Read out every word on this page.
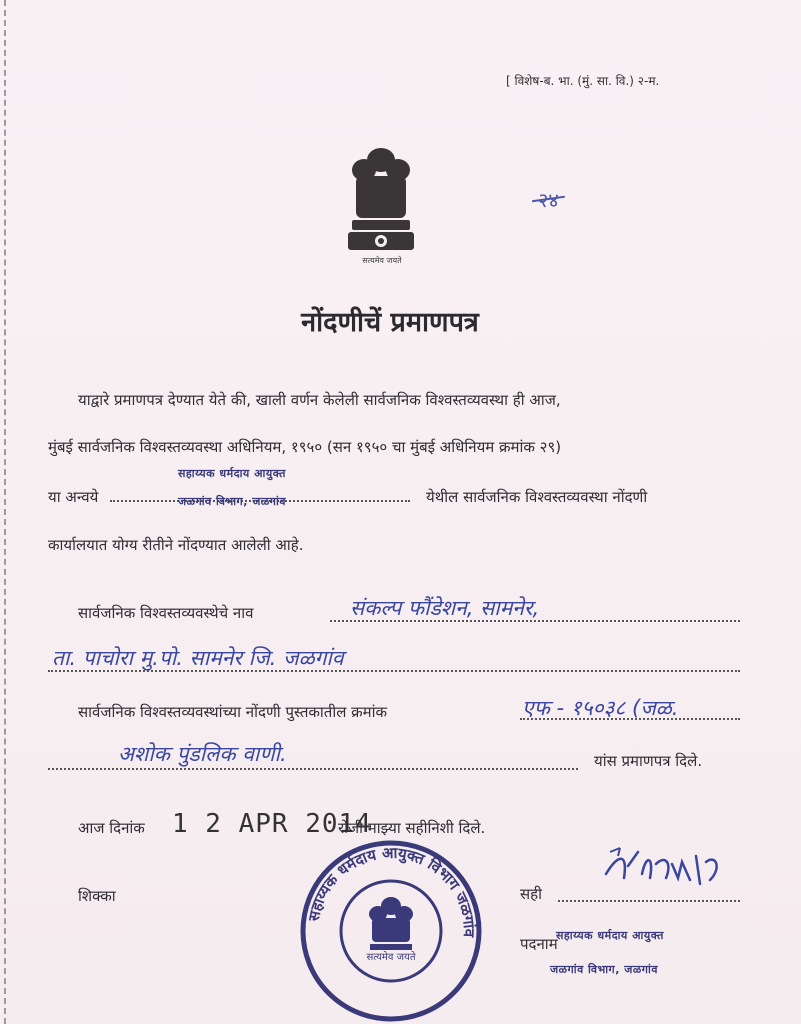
[ विशेष-ब. भा. (मुं. सा. वि.) २-म.
सत्यमेव जयते
२४
नोंदणीचें प्रमाणपत्र
याद्वारे प्रमाणपत्र देण्यात येते की, खाली वर्णन केलेली सार्वजनिक विश्‍वस्तव्यवस्था ही आज,
मुंबई सार्वजनिक विश्‍वस्तव्यवस्था अधिनियम, १९५० (सन १९५० चा मुंबई अधिनियम क्रमांक २९)
या अन्वये
सहाय्यक धर्मदाय आयुक्त
जळगांव विभाग, जळगांव	येथील सार्वजनिक विश्‍वस्तव्यवस्था नोंदणी
कार्यालयात योग्य रीतीने नोंदण्यात आलेली आहे.
सार्वजनिक विश्‍वस्तव्यवस्थेचे नाव	संकल्प फौंडेशन, सामनेर,
ता. पाचोरा मु.पो. सामनेर जि. जळगांव
सार्वजनिक विश्‍वस्तव्यवस्थांच्या नोंदणी पुस्तकातील क्रमांक	एफ - १५०३८ (जळ.
अशोक पुंडलिक वाणी.	यांस प्रमाणपत्र दिले.
आज दिनांक 1 2 APR 2014
रोजी माझ्या सहीनिशी दिले.
शिक्का
सत्यमेव जयते
सहाय्यक धर्मदाय आयुक्त विभाग जळगांव
सही
पदनाम
सहाय्यक धर्मदाय आयुक्त
जळगांव विभाग, जळगांव
